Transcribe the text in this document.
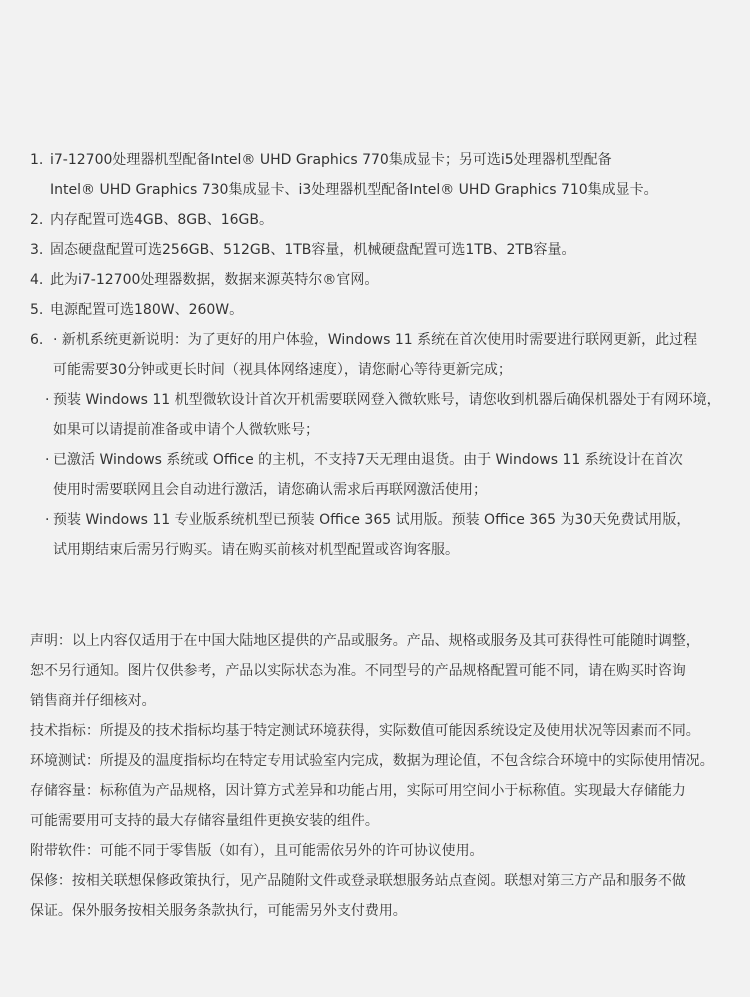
1. i7-12700处理器机型配备Intel® UHD Graphics 770集成显卡；另可选i5处理器机型配备
Intel® UHD Graphics 730集成显卡、i3处理器机型配备Intel® UHD Graphics 710集成显卡。
2. 内存配置可选4GB、8GB、16GB。
3. 固态硬盘配置可选256GB、512GB、1TB容量，机械硬盘配置可选1TB、2TB容量。
4. 此为i7-12700处理器数据，数据来源英特尔®官网。
5. 电源配置可选180W、260W。
6. · 新机系统更新说明：为了更好的用户体验，Windows 11 系统在首次使用时需要进行联网更新，此过程
可能需要30分钟或更长时间（视具体网络速度），请您耐心等待更新完成；
· 预装 Windows 11 机型微软设计首次开机需要联网登入微软账号，请您收到机器后确保机器处于有网环境，
如果可以请提前准备或申请个人微软账号；
· 已激活 Windows 系统或 Office 的主机，不支持7天无理由退货。由于 Windows 11 系统设计在首次
使用时需要联网且会自动进行激活，请您确认需求后再联网激活使用；
· 预装 Windows 11 专业版系统机型已预装 Office 365 试用版。预装 Office 365 为30天免费试用版，
试用期结束后需另行购买。请在购买前核对机型配置或咨询客服。
声明：以上内容仅适用于在中国大陆地区提供的产品或服务。产品、规格或服务及其可获得性可能随时调整，
恕不另行通知。图片仅供参考，产品以实际状态为准。不同型号的产品规格配置可能不同，请在购买时咨询
销售商并仔细核对。
技术指标：所提及的技术指标均基于特定测试环境获得，实际数值可能因系统设定及使用状况等因素而不同。
环境测试：所提及的温度指标均在特定专用试验室内完成，数据为理论值，不包含综合环境中的实际使用情况。
存储容量：标称值为产品规格，因计算方式差异和功能占用，实际可用空间小于标称值。实现最大存储能力
可能需要用可支持的最大存储容量组件更换安装的组件。
附带软件：可能不同于零售版（如有），且可能需依另外的许可协议使用。
保修：按相关联想保修政策执行，见产品随附文件或登录联想服务站点查阅。联想对第三方产品和服务不做
保证。保外服务按相关服务条款执行，可能需另外支付费用。
